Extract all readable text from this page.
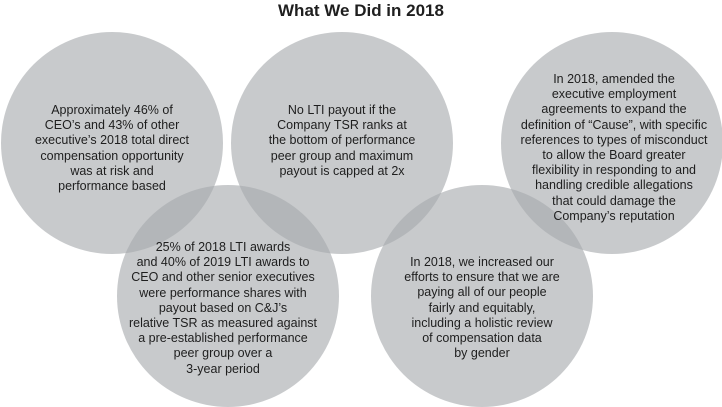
What We Did in 2018
Approximately 46% of
CEO’s and 43% of other
executive’s 2018 total direct
compensation opportunity
was at risk and
performance based
No LTI payout if the
Company TSR ranks at
the bottom of performance
peer group and maximum
payout is capped at 2x
In 2018, amended the
executive employment
agreements to expand the
definition of “Cause”, with specific
references to types of misconduct
to allow the Board greater
flexibility in responding to and
handling credible allegations
that could damage the
Company’s reputation
25% of 2018 LTI awards
and 40% of 2019 LTI awards to
CEO and other senior executives
were performance shares with
payout based on C&J’s
relative TSR as measured against
a pre-established performance
peer group over a
3-year period
In 2018, we increased our
efforts to ensure that we are
paying all of our people
fairly and equitably,
including a holistic review
of compensation data
by gender
